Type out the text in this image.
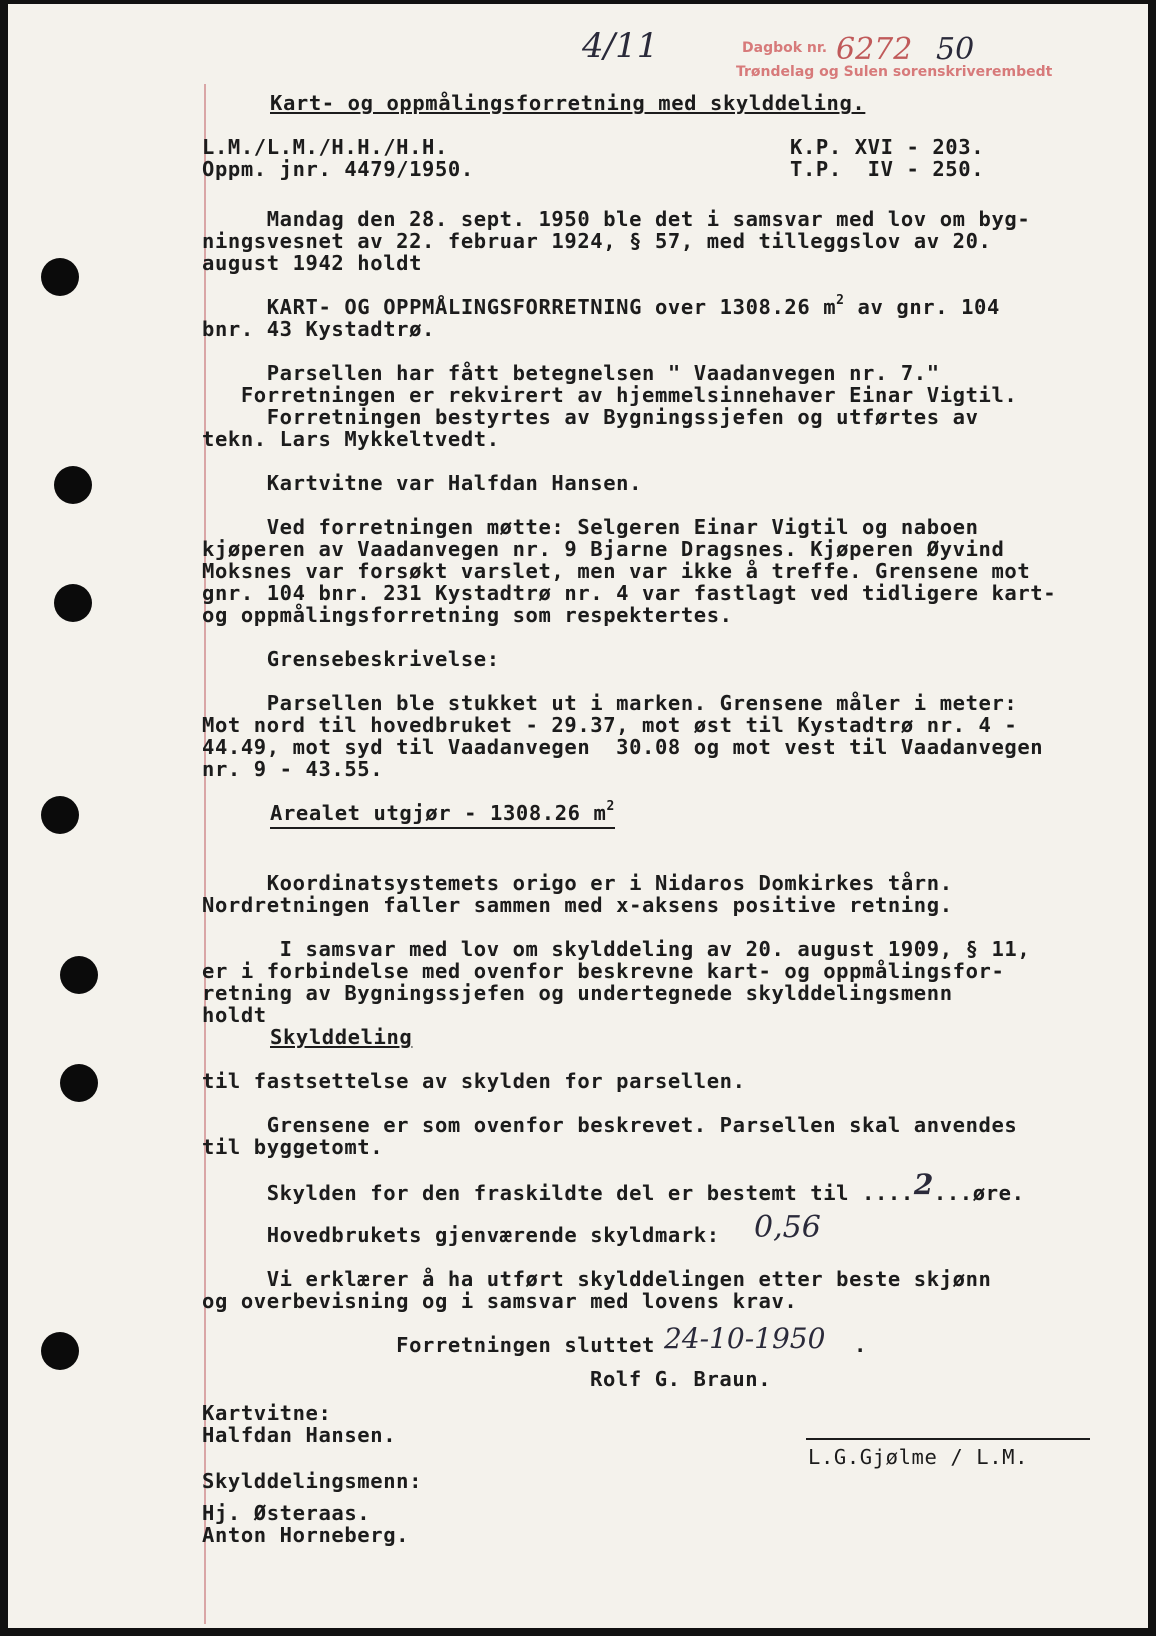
4/11	Dagbok nr. 6272 50
Trøndelag og Sulen sorenskriverembedt
Kart- og oppmålingsforretning med skylddeling.
L.M./L.M./H.H./H.H.
Oppm. jnr. 4479/1950.
K.P. XVI - 203.
T.P.  IV - 250.
Mandag den 28. sept. 1950 ble det i samsvar med lov om byg-
ningsvesnet av 22. februar 1924, § 57, med tilleggslov av 20.
august 1942 holdt
KART- OG OPPMÅLINGSFORRETNING over 1308.26 $m^2$ av gnr. 104
bnr. 43 Kystadtrø.
Parsellen har fått betegnelsen " Vaadanvegen nr. 7."
Forretningen er rekvirert av hjemmelsinnehaver Einar Vigtil.
Forretningen bestyrtes av Bygningssjefen og utførtes av
tekn. Lars Mykkeltvedt.
Kartvitne var Halfdan Hansen.
Ved forretningen møtte: Selgeren Einar Vigtil og naboen
kjøperen av Vaadanvegen nr. 9 Bjarne Dragsnes. Kjøperen Øyvind
Moksnes var forsøkt varslet, men var ikke å treffe. Grensene mot
gnr. 104 bnr. 231 Kystadtrø nr. 4 var fastlagt ved tidligere kart-
og oppmålingsforretning som respektertes.
Grensebeskrivelse:
Parsellen ble stukket ut i marken. Grensene måler i meter:
Mot nord til hovedbruket - 29.37, mot øst til Kystadtrø nr. 4 -
44.49, mot syd til Vaadanvegen  30.08 og mot vest til Vaadanvegen
nr. 9 - 43.55.
Arealet utgjør - 1308.26 $m^2$
Koordinatsystemets origo er i Nidaros Domkirkes tårn.
Nordretningen faller sammen med x-aksens positive retning.
I samsvar med lov om skylddeling av 20. august 1909, § 11,
er i forbindelse med ovenfor beskrevne kart- og oppmålingsfor-
retning av Bygningssjefen og undertegnede skylddelingsmenn
holdt
Skylddeling
til fastsettelse av skylden for parsellen.
Grensene er som ovenfor beskrevet. Parsellen skal anvendes
til byggetomt.
Skylden for den fraskildte del er bestemt til ....2...øre.
Hovedbrukets gjenværende skyldmark: 0,56
Vi erklærer å ha utført skylddelingen etter beste skjønn
og overbevisning og i samsvar med lovens krav.
Forretningen sluttet 24-10-1950 .
Rolf G. Braun.
Kartvitne:
Halfdan Hansen.
L.G.Gjølme / L.M.
Skylddelingsmenn:
Hj. Østeraas.
Anton Horneberg.
